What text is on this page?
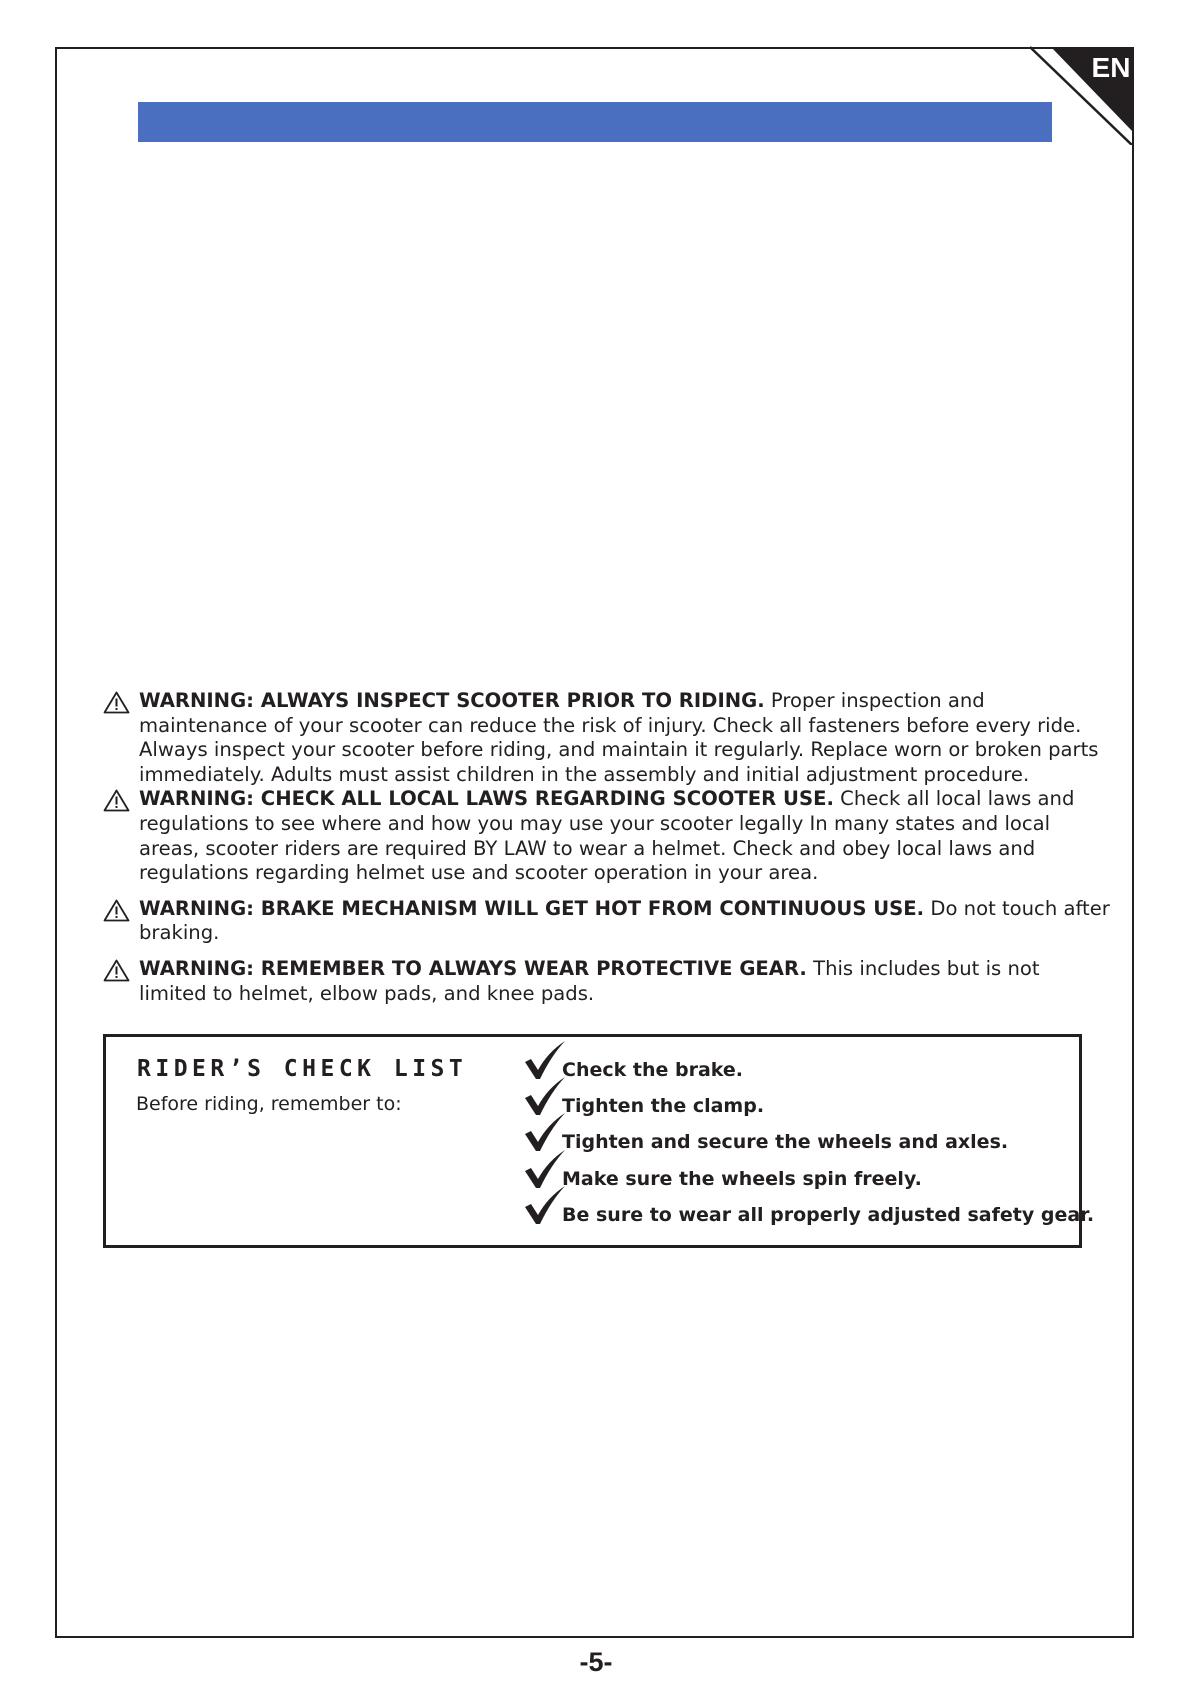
EN
WARNING: ALWAYS INSPECT SCOOTER PRIOR TO RIDING. Proper inspection and maintenance of your scooter can reduce the risk of injury. Check all fasteners before every ride. Always inspect your scooter before riding, and maintain it regularly. Replace worn or broken parts immediately. Adults must assist children in the assembly and initial adjustment procedure.
WARNING: CHECK ALL LOCAL LAWS REGARDING SCOOTER USE. Check all local laws and regulations to see where and how you may use your scooter legally In many states and local areas, scooter riders are required BY LAW to wear a helmet. Check and obey local laws and regulations regarding helmet use and scooter operation in your area.
WARNING: BRAKE MECHANISM WILL GET HOT FROM CONTINUOUS USE. Do not touch after braking.
WARNING: REMEMBER TO ALWAYS WEAR PROTECTIVE GEAR. This includes but is not limited to helmet, elbow pads, and knee pads.
RIDER’S CHECK LIST
Before riding, remember to:
Check the brake.
Tighten the clamp.
Tighten and secure the wheels and axles.
Make sure the wheels spin freely.
Be sure to wear all properly adjusted safety gear.
-5-
